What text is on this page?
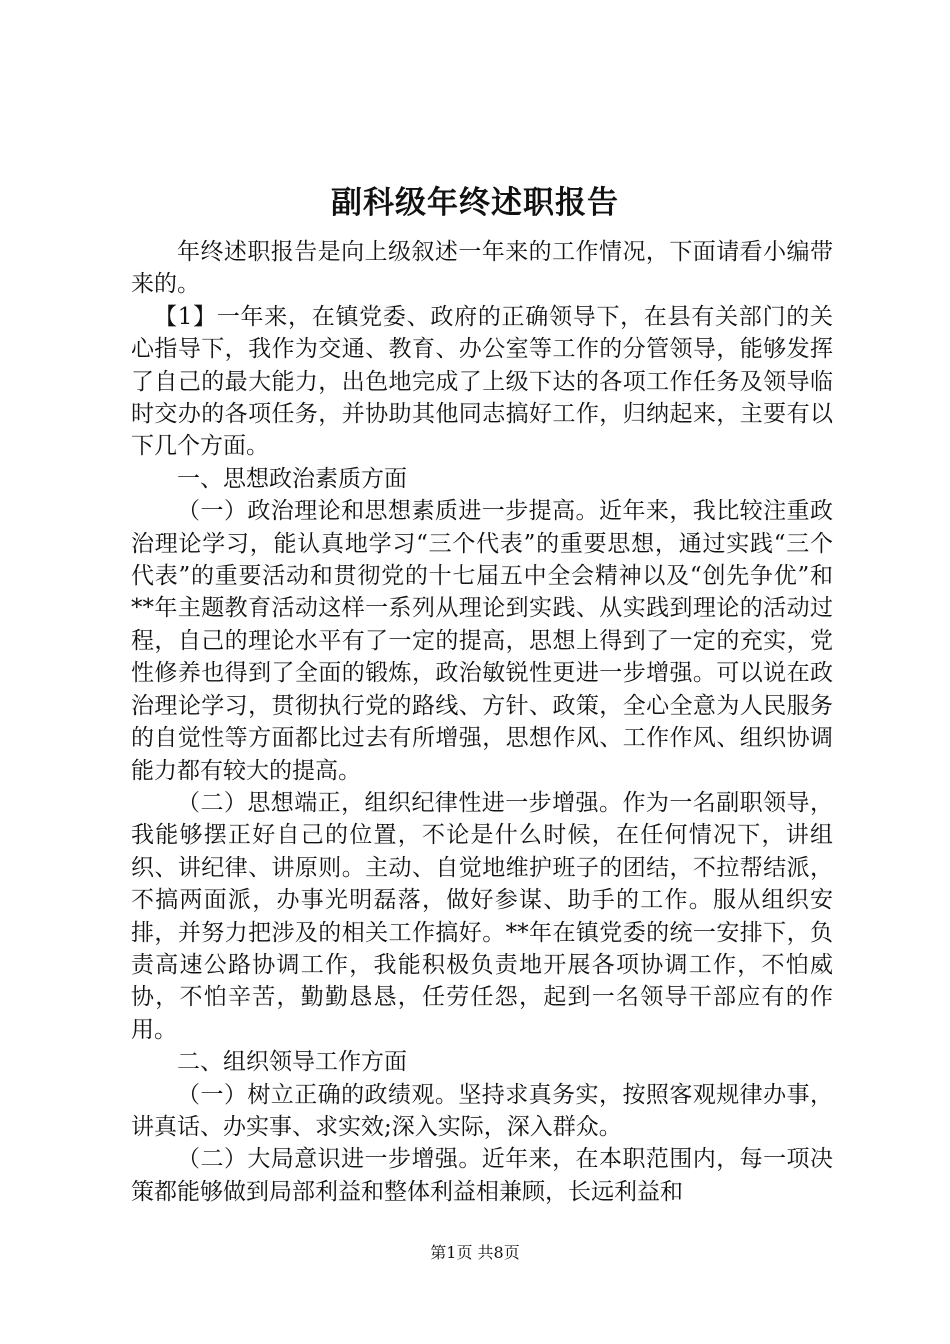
副科级年终述职报告

年终述职报告是向上级叙述一年来的工作情况，下面请看小编带来的。

【1】一年来，在镇党委、政府的正确领导下，在县有关部门的关心指导下，我作为交通、教育、办公室等工作的分管领导，能够发挥了自己的最大能力，出色地完成了上级下达的各项工作任务及领导临时交办的各项任务，并协助其他同志搞好工作，归纳起来，主要有以下几个方面。

一、思想政治素质方面

（一）政治理论和思想素质进一步提高。近年来，我比较注重政治理论学习，能认真地学习“三个代表”的重要思想，通过实践“三个代表”的重要活动和贯彻党的十七届五中全会精神以及“创先争优”和**年主题教育活动这样一系列从理论到实践、从实践到理论的活动过程，自己的理论水平有了一定的提高，思想上得到了一定的充实，党性修养也得到了全面的锻炼，政治敏锐性更进一步增强。可以说在政治理论学习，贯彻执行党的路线、方针、政策，全心全意为人民服务的自觉性等方面都比过去有所增强，思想作风、工作作风、组织协调能力都有较大的提高。

（二）思想端正，组织纪律性进一步增强。作为一名副职领导，我能够摆正好自己的位置，不论是什么时候，在任何情况下，讲组织、讲纪律、讲原则。主动、自觉地维护班子的团结，不拉帮结派，不搞两面派，办事光明磊落，做好参谋、助手的工作。服从组织安排，并努力把涉及的相关工作搞好。**年在镇党委的统一安排下，负责高速公路协调工作，我能积极负责地开展各项协调工作，不怕威协，不怕辛苦，勤勤恳恳，任劳任怨，起到一名领导干部应有的作用。

二、组织领导工作方面

（一）树立正确的政绩观。坚持求真务实，按照客观规律办事，讲真话、办实事、求实效;深入实际，深入群众。

（二）大局意识进一步增强。近年来，在本职范围内，每一项决策都能够做到局部利益和整体利益相兼顾，长远利益和

第1页 共8页
